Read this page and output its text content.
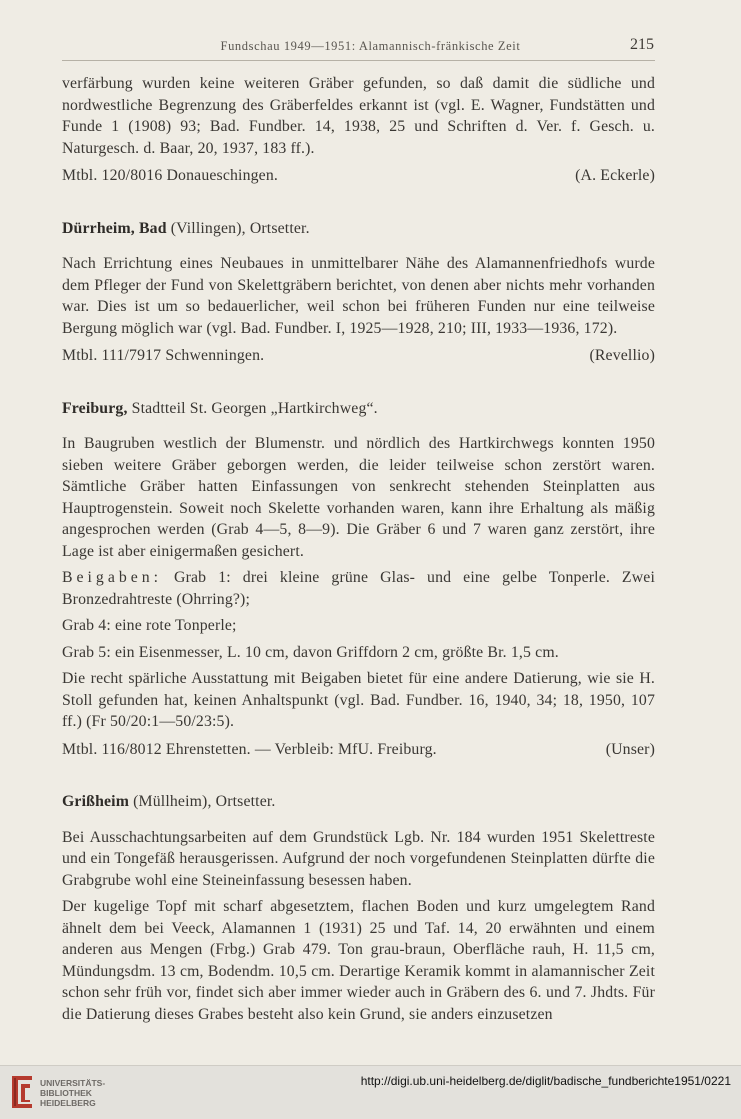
Fundschau 1949—1951: Alamannisch-fränkische Zeit	215

verfärbung wurden keine weiteren Gräber gefunden, so daß damit die südliche und nordwestliche Begrenzung des Gräberfeldes erkannt ist (vgl. E. Wagner, Fundstätten und Funde 1 (1908) 93; Bad. Fundber. 14, 1938, 25 und Schriften d. Ver. f. Gesch. u. Naturgesch. d. Baar, 20, 1937, 183 ff.).

Mtbl. 120/8016 Donaueschingen.	(A. Eckerle)
Dürrheim, Bad (Villingen), Ortsetter.

Nach Errichtung eines Neubaues in unmittelbarer Nähe des Alamannenfriedhofs wurde dem Pfleger der Fund von Skelettgräbern berichtet, von denen aber nichts mehr vorhanden war. Dies ist um so bedauerlicher, weil schon bei früheren Funden nur eine teilweise Bergung möglich war (vgl. Bad. Fundber. I, 1925—1928, 210; III, 1933—1936, 172).

Mtbl. 111/7917 Schwenningen.	(Revellio)
Freiburg, Stadtteil St. Georgen „Hartkirchweg“.

In Baugruben westlich der Blumenstr. und nördlich des Hartkirchwegs konnten 1950 sieben weitere Gräber geborgen werden, die leider teilweise schon zerstört waren. Sämtliche Gräber hatten Einfassungen von senkrecht stehenden Steinplatten aus Hauptrogenstein. Soweit noch Skelette vorhanden waren, kann ihre Erhaltung als mäßig angesprochen werden (Grab 4—5, 8—9). Die Gräber 6 und 7 waren ganz zerstört, ihre Lage ist aber einigermaßen gesichert.

Beigaben: Grab 1: drei kleine grüne Glas- und eine gelbe Tonperle. Zwei Bronzedrahtreste (Ohrring?);

Grab 4: eine rote Tonperle;

Grab 5: ein Eisenmesser, L. 10 cm, davon Griffdorn 2 cm, größte Br. 1,5 cm.

Die recht spärliche Ausstattung mit Beigaben bietet für eine andere Datierung, wie sie H. Stoll gefunden hat, keinen Anhaltspunkt (vgl. Bad. Fundber. 16, 1940, 34; 18, 1950, 107 ff.) (Fr 50/20:1—50/23:5).

Mtbl. 116/8012 Ehrenstetten. — Verbleib: MfU. Freiburg.	(Unser)
Grißheim (Müllheim), Ortsetter.

Bei Ausschachtungsarbeiten auf dem Grundstück Lgb. Nr. 184 wurden 1951 Skelettreste und ein Tongefäß herausgerissen. Aufgrund der noch vorgefundenen Steinplatten dürfte die Grabgrube wohl eine Steineinfassung besessen haben.

Der kugelige Topf mit scharf abgesetztem, flachen Boden und kurz umgelegtem Rand ähnelt dem bei Veeck, Alamannen 1 (1931) 25 und Taf. 14, 20 erwähnten und einem anderen aus Mengen (Frbg.) Grab 479. Ton grau-braun, Oberfläche rauh, H. 11,5 cm, Mündungsdm. 13 cm, Bodendm. 10,5 cm. Derartige Keramik kommt in alamannischer Zeit schon sehr früh vor, findet sich aber immer wieder auch in Gräbern des 6. und 7. Jhdts. Für die Datierung dieses Grabes besteht also kein Grund, sie anders einzusetzen

UNIVERSITÄTS-
BIBLIOTHEK
HEIDELBERG
http://digi.ub.uni-heidelberg.de/diglit/badische_fundberichte1951/0221
